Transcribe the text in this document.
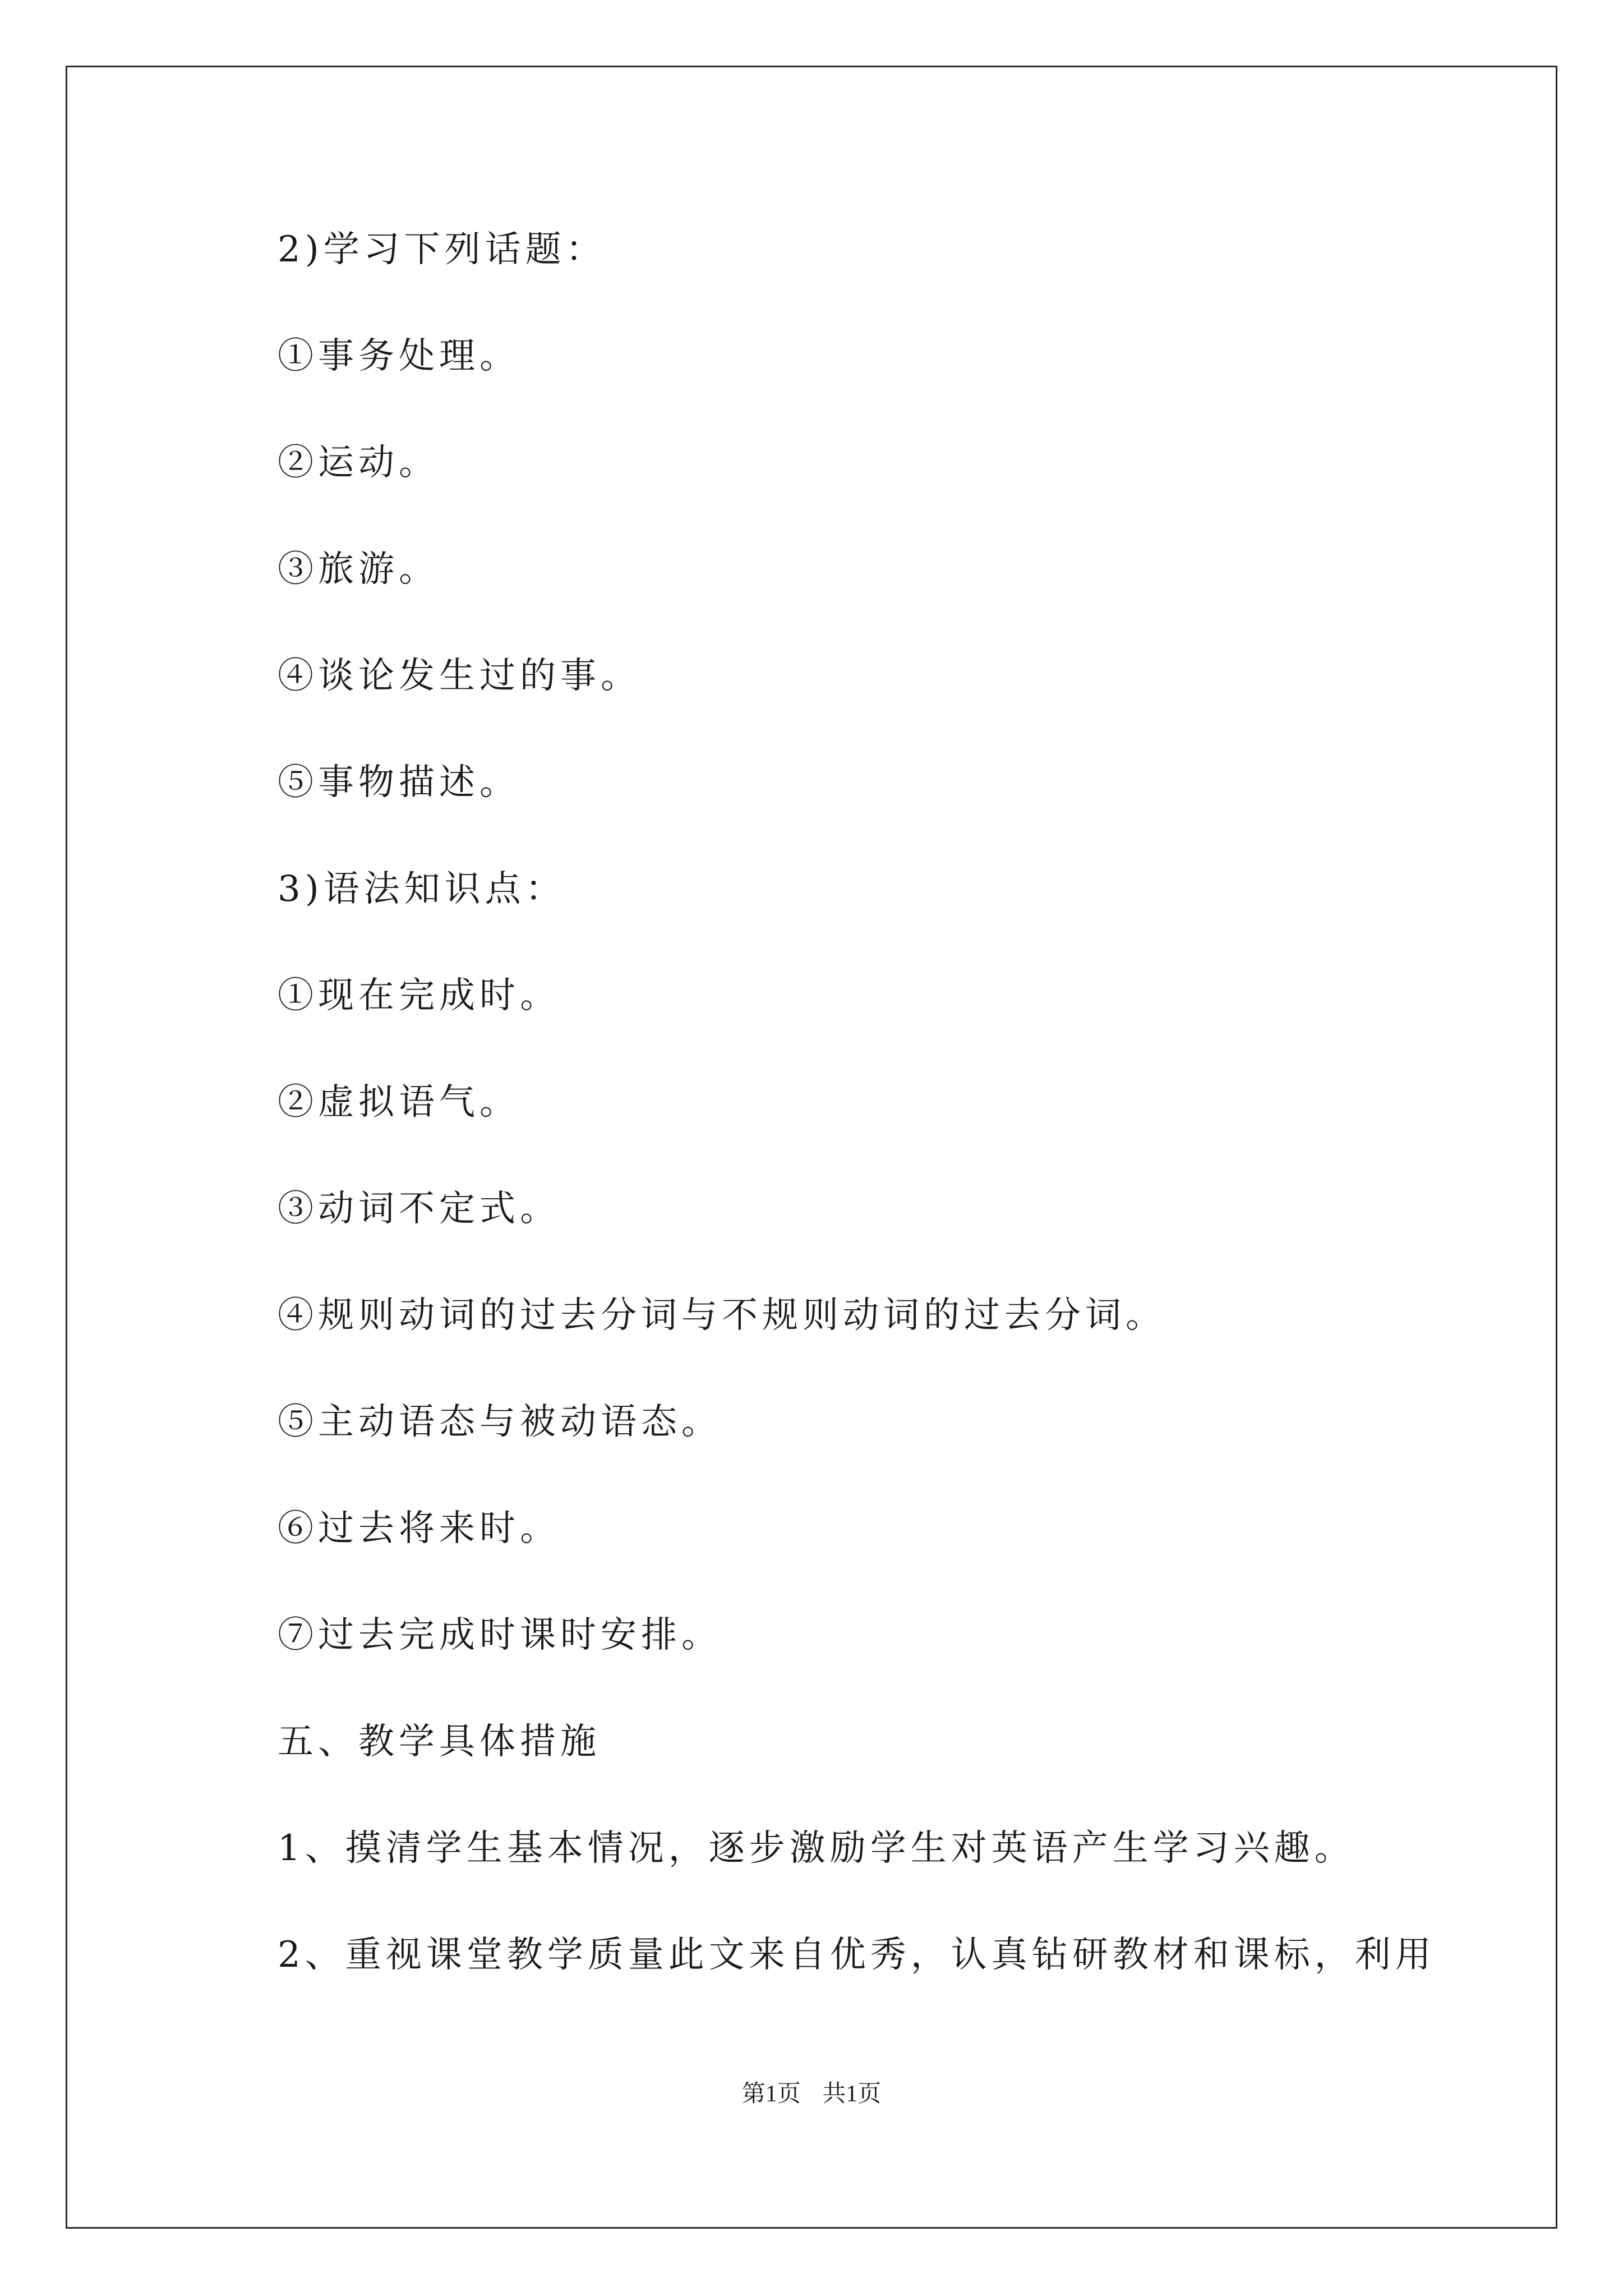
2)学习下列话题：
①事务处理。
②运动。
③旅游。
④谈论发生过的事。
⑤事物描述。
3)语法知识点：
①现在完成时。
②虚拟语气。
③动词不定式。
④规则动词的过去分词与不规则动词的过去分词。
⑤主动语态与被动语态。
⑥过去将来时。
⑦过去完成时课时安排。
五、教学具体措施
1、摸清学生基本情况，逐步激励学生对英语产生学习兴趣。
2、重视课堂教学质量此文来自优秀，认真钻研教材和课标，利用
第1页 共1页
